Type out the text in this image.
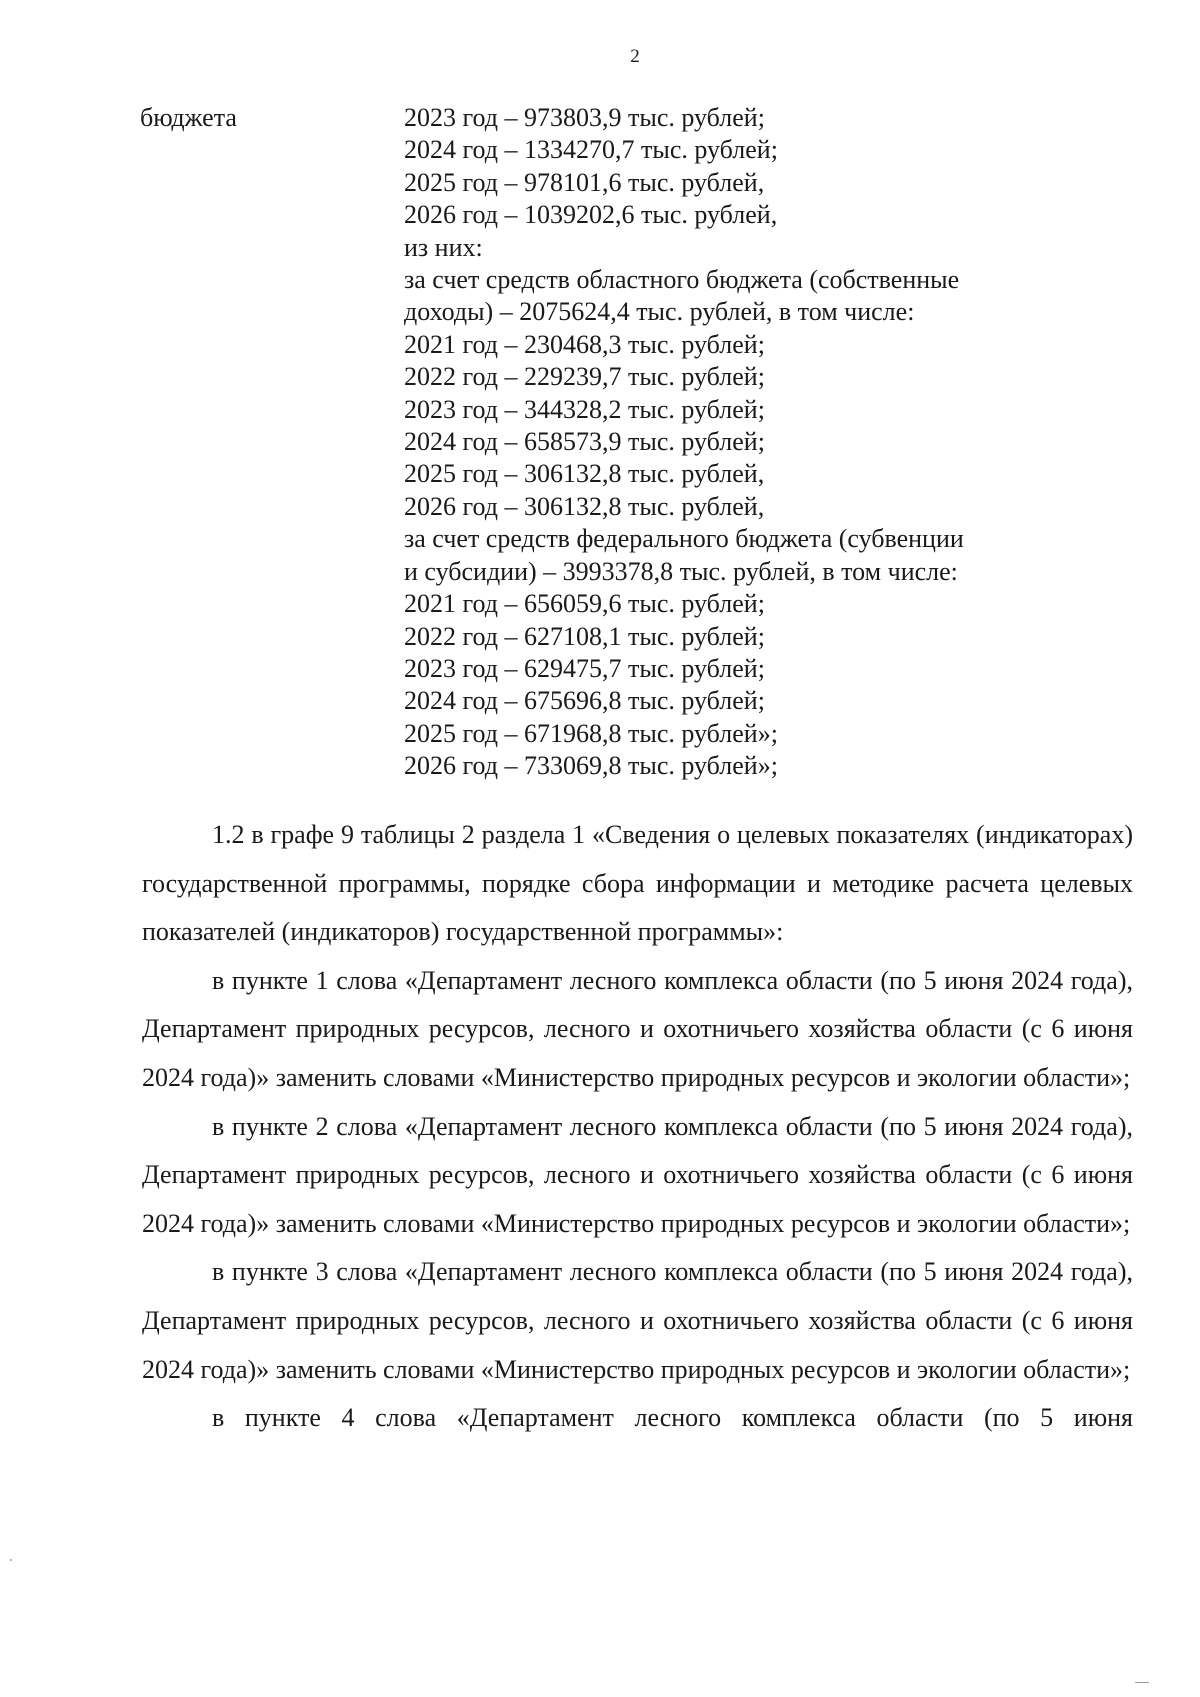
2
бюджета	2023 год – 973803,9 тыс. рублей;
2024 год – 1334270,7 тыс. рублей;
2025 год – 978101,6 тыс. рублей,
2026 год – 1039202,6 тыс. рублей,
из них:
за счет средств областного бюджета (собственные
доходы) – 2075624,4 тыс. рублей, в том числе:
2021 год – 230468,3 тыс. рублей;
2022 год – 229239,7 тыс. рублей;
2023 год – 344328,2 тыс. рублей;
2024 год – 658573,9 тыс. рублей;
2025 год – 306132,8 тыс. рублей,
2026 год – 306132,8 тыс. рублей,
за счет средств федерального бюджета (субвенции
и субсидии) – 3993378,8 тыс. рублей, в том числе:
2021 год – 656059,6 тыс. рублей;
2022 год – 627108,1 тыс. рублей;
2023 год – 629475,7 тыс. рублей;
2024 год – 675696,8 тыс. рублей;
2025 год – 671968,8 тыс. рублей»;
2026 год – 733069,8 тыс. рублей»;

1.2 в графе 9 таблицы 2 раздела 1 «Сведения о целевых показателях (индикаторах) государственной программы, порядке сбора информации и методике расчета целевых показателей (индикаторов) государственной программы»:

в пункте 1 слова «Департамент лесного комплекса области (по 5 июня 2024 года), Департамент природных ресурсов, лесного и охотничьего хозяйства области (с 6 июня 2024 года)» заменить словами «Министерство природных ресурсов и экологии области»;

в пункте 2 слова «Департамент лесного комплекса области (по 5 июня 2024 года), Департамент природных ресурсов, лесного и охотничьего хозяйства области (с 6 июня 2024 года)» заменить словами «Министерство природных ресурсов и экологии области»;

в пункте 3 слова «Департамент лесного комплекса области (по 5 июня 2024 года), Департамент природных ресурсов, лесного и охотничьего хозяйства области (с 6 июня 2024 года)» заменить словами «Министерство природных ресурсов и экологии области»;

в пункте 4 слова «Департамент лесного комплекса области (по 5 июня
